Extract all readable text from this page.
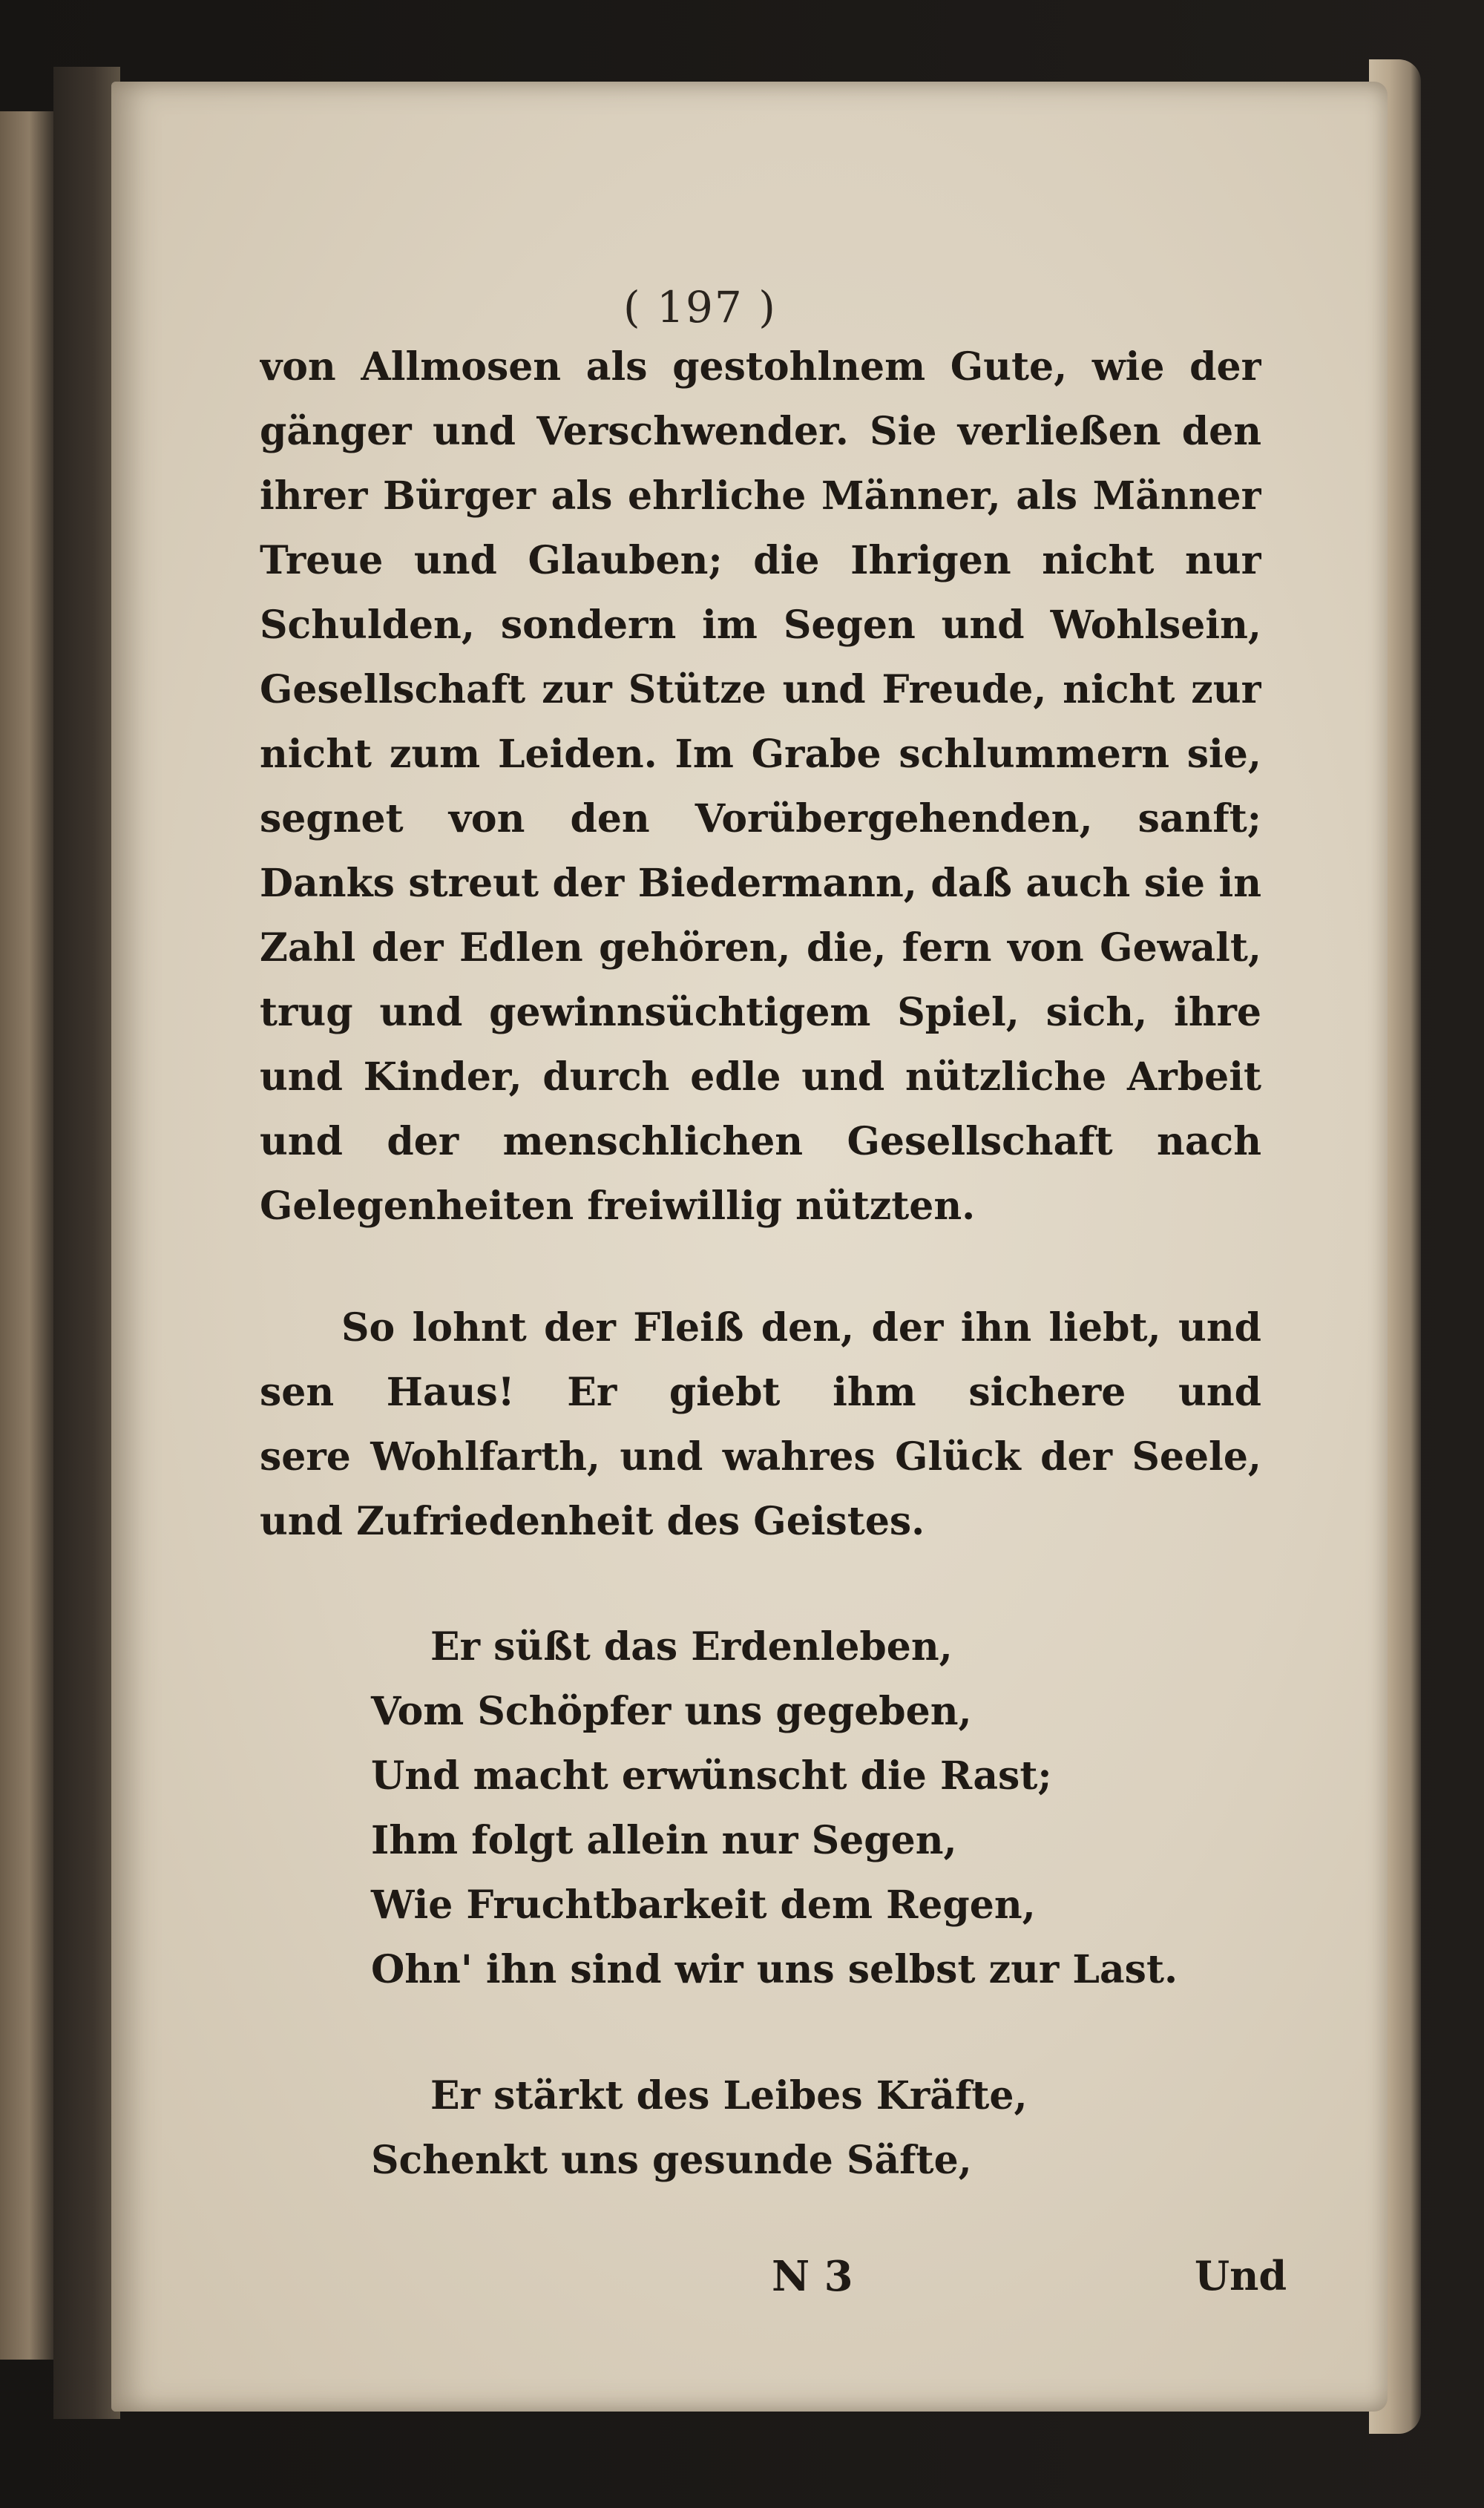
( 197 )
von Allmosen als gestohlnem Gute, wie der
gänger und Verschwender. Sie verließen den
ihrer Bürger als ehrliche Männer, als Männer
Treue und Glauben; die Ihrigen nicht nur
Schulden, sondern im Segen und Wohlsein,
Gesellschaft zur Stütze und Freude, nicht zur
nicht zum Leiden. Im Grabe schlummern sie,
segnet von den Vorübergehenden, sanft;
Danks streut der Biedermann, daß auch sie in
Zahl der Edlen gehören, die, fern von Gewalt,
trug und gewinnsüchtigem Spiel, sich, ihre
und Kinder, durch edle und nützliche Arbeit
und der menschlichen Gesellschaft nach
Gelegenheiten freiwillig nützten.
So lohnt der Fleiß den, der ihn liebt, und
sen Haus! Er giebt ihm sichere und
sere Wohlfarth, und wahres Glück der Seele,
und Zufriedenheit des Geistes.
Er süßt das Erdenleben,
Vom Schöpfer uns gegeben,
Und macht erwünscht die Rast;
Ihm folgt allein nur Segen,
Wie Fruchtbarkeit dem Regen,
Ohn' ihn sind wir uns selbst zur Last.
Er stärkt des Leibes Kräfte,
Schenkt uns gesunde Säfte,
N 3	Und
